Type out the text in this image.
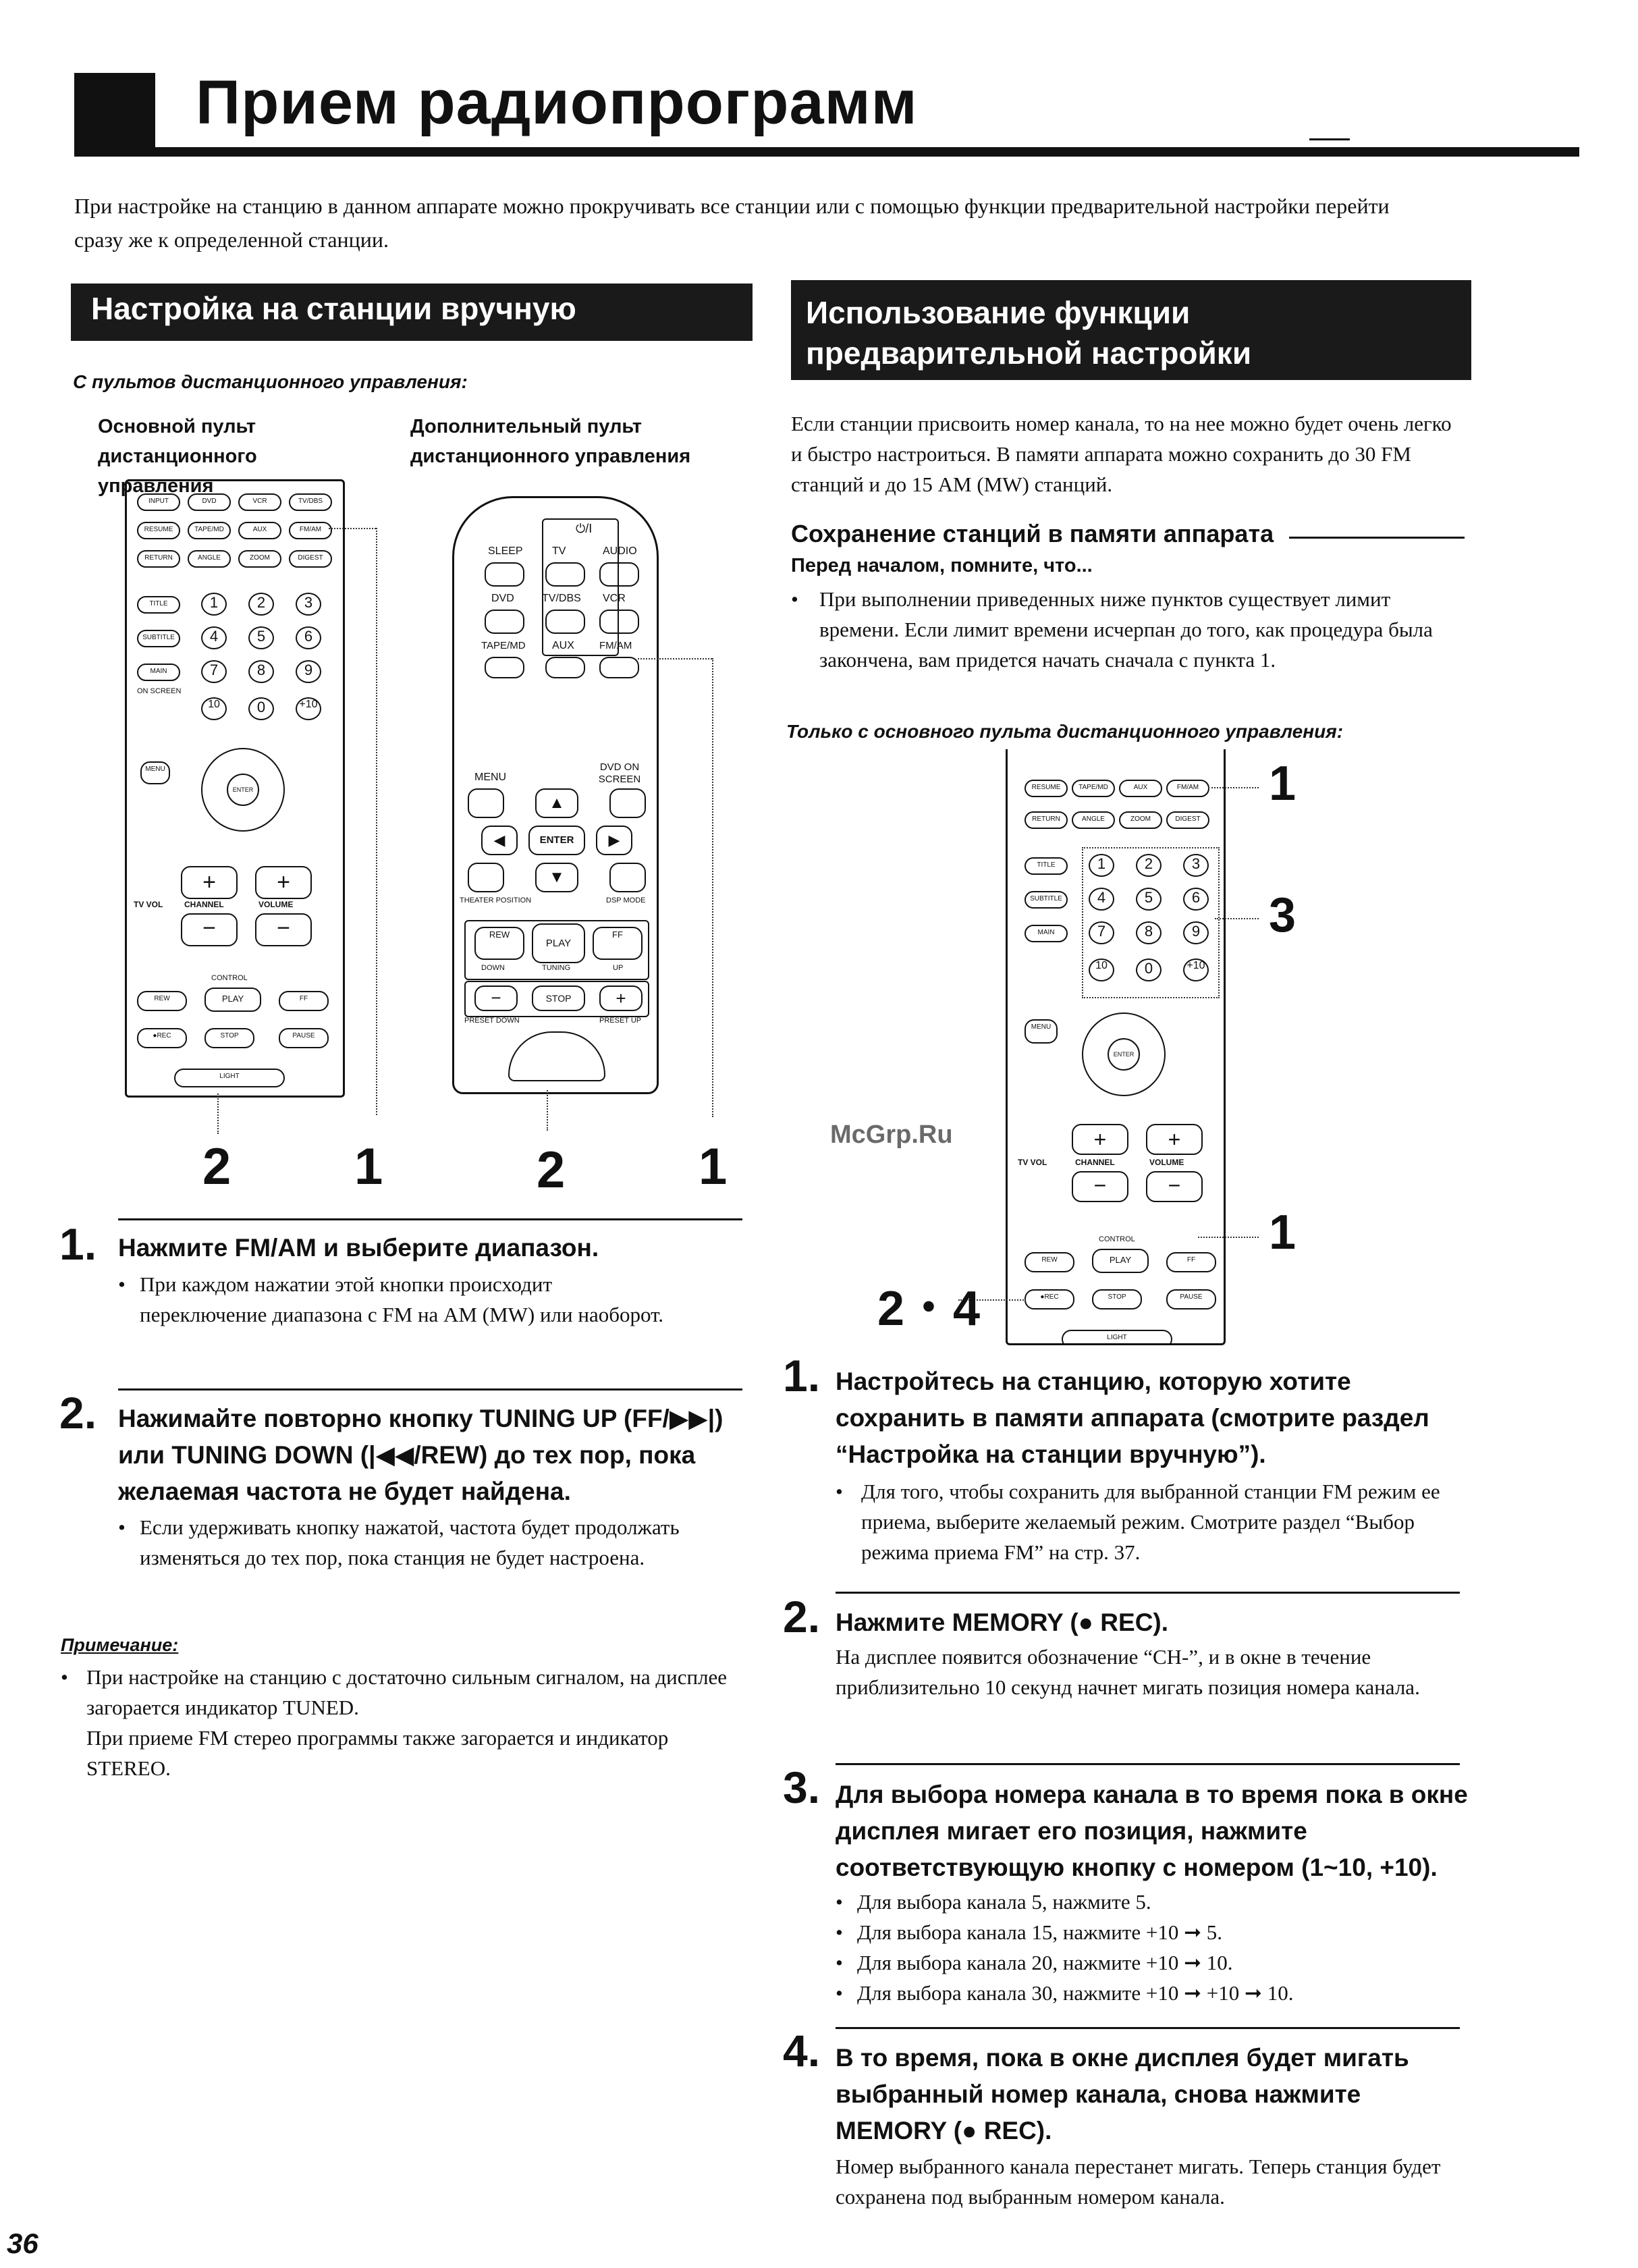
Прием радиопрограмм
При настройке на станцию в данном аппарате можно прокручивать все станции или с помощью функции предварительной настройки перейти сразу же к определенной станции.
Настройка на станции вручную
С пультов дистанционного управления:
Основной пульт дистанционного управления
Дополнительный пульт дистанционного управления
INPUT	DVD	VCR	TV/DBS
RESUME	TAPE/MD	AUX	FM/AM
RETURN	ANGLE	ZOOM	DIGEST
TITLE
SUBTITLE
MAIN
ON SCREEN
1	2	3
4	5	6
7	8	9
10	0	+10
MENU
ENTER
TV VOL	CHANNEL	VOLUME
+
−
+
−
CONTROL
REW	PLAY	FF
●REC	STOP	PAUSE
LIGHT
⏻/I
SLEEP	TV	AUDIO
DVD	TV/DBS VCR
TAPE/MD AUX FM/AM
MENU
DVD ON SCREEN
▲
◀	ENTER	▶
▼
THEATER POSITION	DSP MODE
REW
PLAY
FF
DOWN	TUNING	UP
−	STOP	+
PRESET DOWN	PRESET UP
2 1	2	1
1. Нажмите FM/AM и выберите диапазон.
• При каждом нажатии этой кнопки происходит переключение диапазона с FM на AM (MW) или наоборот.
2. Нажимайте повторно кнопку TUNING UP (FF/▶▶|) или TUNING DOWN (|◀◀/REW) до тех пор, пока желаемая частота не будет найдена.
• Если удерживать кнопку нажатой, частота будет продолжать изменяться до тех пор, пока станция не будет настроена.
Примечание:
• При настройке на станцию с достаточно сильным сигналом, на дисплее загорается индикатор TUNED.
При приеме FM стерео программы также загорается и индикатор STEREO.
Использование функции предварительной настройки
Если станции присвоить номер канала, то на нее можно будет очень легко и быстро настроиться. В памяти аппарата можно сохранить до 30 FM станций и до 15 AM (MW) станций.
Сохранение станций в памяти аппарата
Перед началом, помните, что...
• При выполнении приведенных ниже пунктов существует лимит времени. Если лимит времени исчерпан до того, как процедура была закончена, вам придется начать сначала с пункта 1.
Только с основного пульта дистанционного управления:
RESUME	TAPE/MD	AUX	FM/AM
RETURN	ANGLE	ZOOM	DIGEST
TITLE
SUBTITLE
MAIN
1	2	3
4	5	6
7	8	9
10	0	+10
MENU
ENTER
+	+
TV VOL	CHANNEL	VOLUME
−	−
CONTROL
REW	PLAY	FF
●REC	STOP	PAUSE
LIGHT
1
3
1
2・4
McGrp.Ru
1. Настройтесь на станцию, которую хотите сохранить в памяти аппарата (смотрите раздел “Настройка на станции вручную”).
• Для того, чтобы сохранить для выбранной станции FM режим ее приема, выберите желаемый режим. Смотрите раздел “Выбор режима приема FM” на стр. 37.
2. Нажмите MEMORY (● REC).
На дисплее появится обозначение “CH-”, и в окне в течение приблизительно 10 секунд начнет мигать позиция номера канала.
3. Для выбора номера канала в то время пока в окне дисплея мигает его позиция, нажмите соответствующую кнопку с номером (1~10, +10).
• Для выбора канала 5, нажмите 5.
• Для выбора канала 15, нажмите +10 ➞ 5.
• Для выбора канала 20, нажмите +10 ➞ 10.
• Для выбора канала 30, нажмите +10 ➞ +10 ➞ 10.
4. В то время, пока в окне дисплея будет мигать выбранный номер канала, снова нажмите MEMORY (● REC).
Номер выбранного канала перестанет мигать. Теперь станция будет сохранена под выбранным номером канала.
36
